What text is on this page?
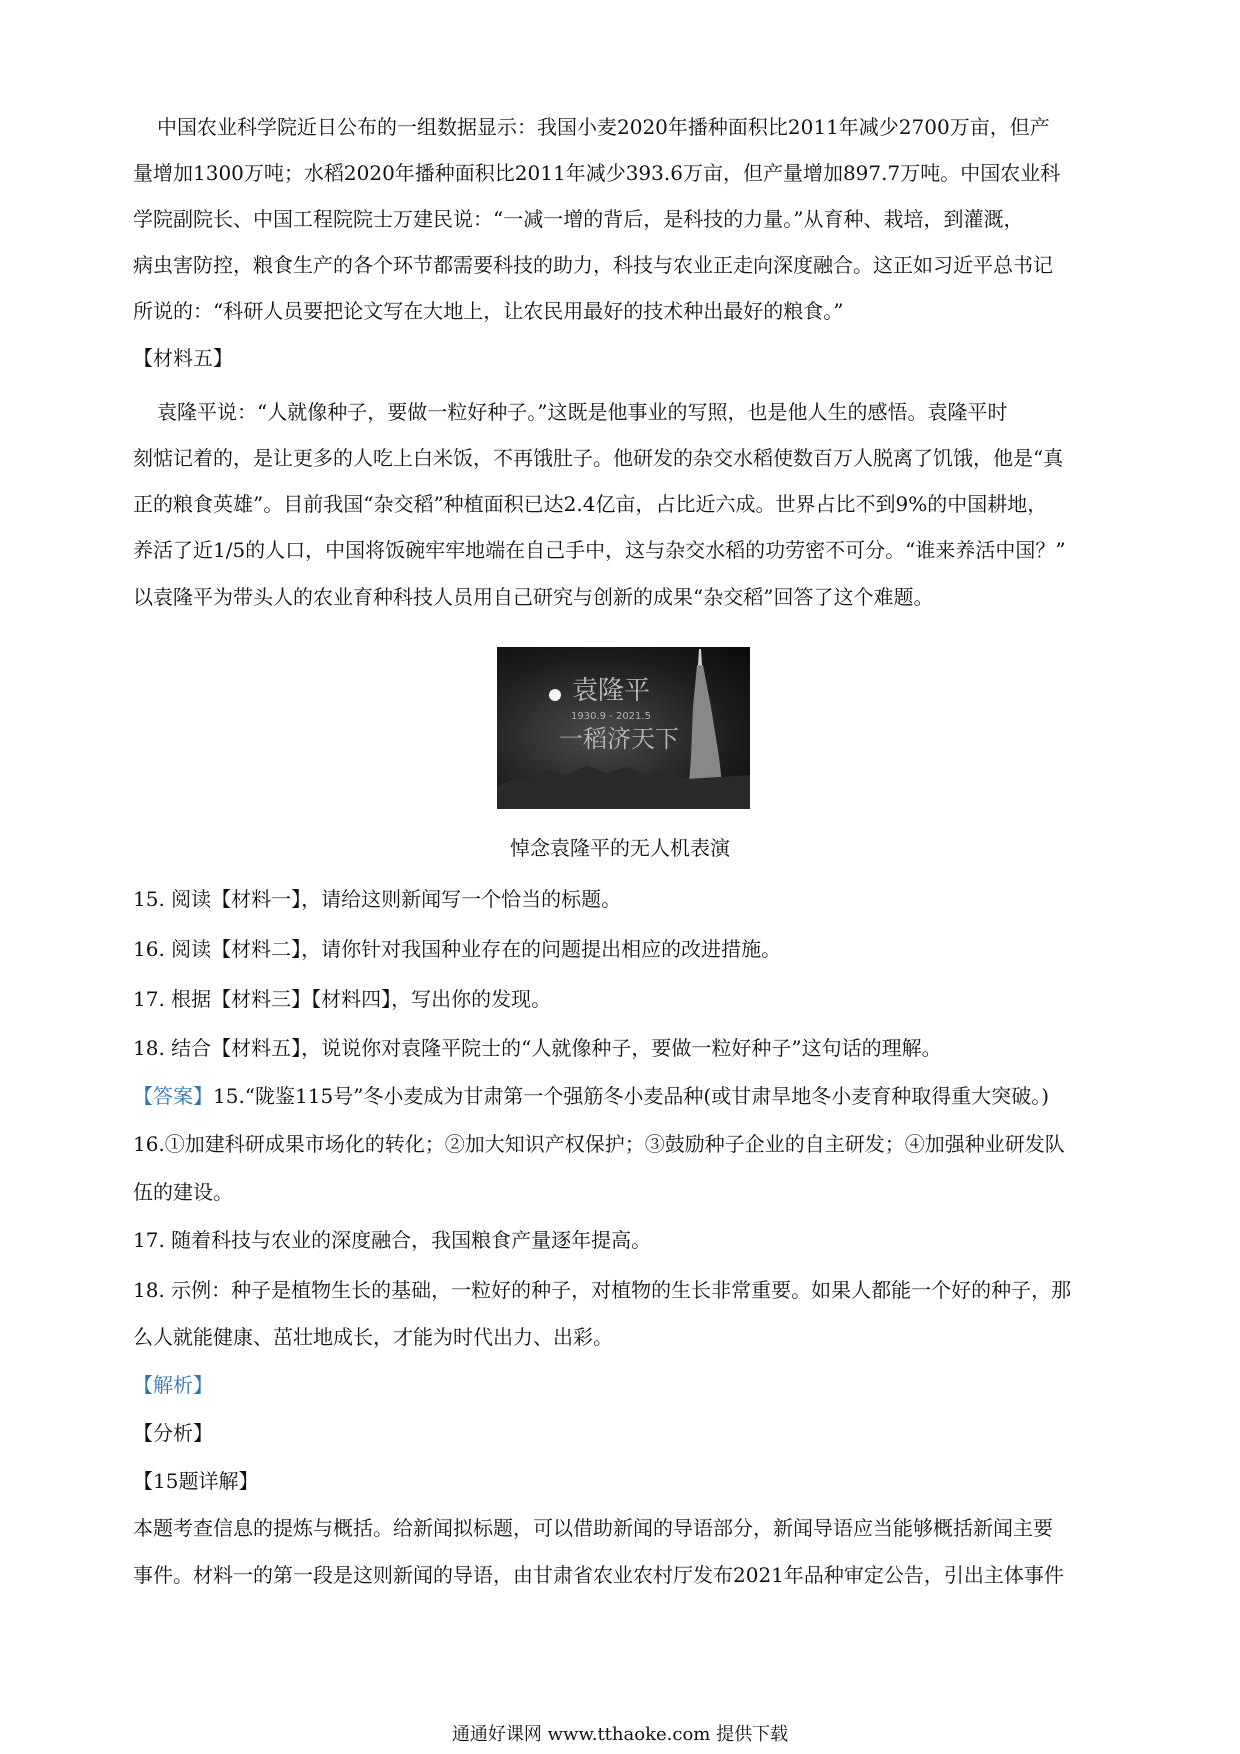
中国农业科学院近日公布的一组数据显示：我国小麦2020年播种面积比2011年减少2700万亩，但产
量增加1300万吨；水稻2020年播种面积比2011年减少393.6万亩，但产量增加897.7万吨。中国农业科
学院副院长、中国工程院院士万建民说：“一减一增的背后，是科技的力量。”从育种、栽培，到灌溉，
病虫害防控，粮食生产的各个环节都需要科技的助力，科技与农业正走向深度融合。这正如习近平总书记
所说的：“科研人员要把论文写在大地上，让农民用最好的技术种出最好的粮食。”
【材料五】
袁隆平说：“人就像种子，要做一粒好种子。”这既是他事业的写照，也是他人生的感悟。袁隆平时
刻惦记着的，是让更多的人吃上白米饭，不再饿肚子。他研发的杂交水稻使数百万人脱离了饥饿，他是“真
正的粮食英雄”。目前我国“杂交稻”种植面积已达2.4亿亩，占比近六成。世界占比不到9%的中国耕地，
养活了近1/5的人口，中国将饭碗牢牢地端在自己手中，这与杂交水稻的功劳密不可分。“谁来养活中国？”
以袁隆平为带头人的农业育种科技人员用自己研究与创新的成果“杂交稻”回答了这个难题。
袁隆平
1930.9 - 2021.5
一稻济天下
悼念袁隆平的无人机表演
15. 阅读【材料一】，请给这则新闻写一个恰当的标题。
16. 阅读【材料二】，请你针对我国种业存在的问题提出相应的改进措施。
17. 根据【材料三】【材料四】，写出你的发现。
18. 结合【材料五】，说说你对袁隆平院士的“人就像种子，要做一粒好种子”这句话的理解。
【答案】15.“陇鉴115号”冬小麦成为甘肃第一个强筋冬小麦品种(或甘肃旱地冬小麦育种取得重大突破。)
16.①加建科研成果市场化的转化；②加大知识产权保护；③鼓励种子企业的自主研发；④加强种业研发队
伍的建设。
17. 随着科技与农业的深度融合，我国粮食产量逐年提高。
18. 示例：种子是植物生长的基础，一粒好的种子，对植物的生长非常重要。如果人都能一个好的种子，那
么人就能健康、茁壮地成长，才能为时代出力、出彩。
【解析】
【分析】
【15题详解】
本题考查信息的提炼与概括。给新闻拟标题，可以借助新闻的导语部分，新闻导语应当能够概括新闻主要
事件。材料一的第一段是这则新闻的导语，由甘肃省农业农村厅发布2021年品种审定公告，引出主体事件
通通好课网 www.tthaoke.com 提供下载
